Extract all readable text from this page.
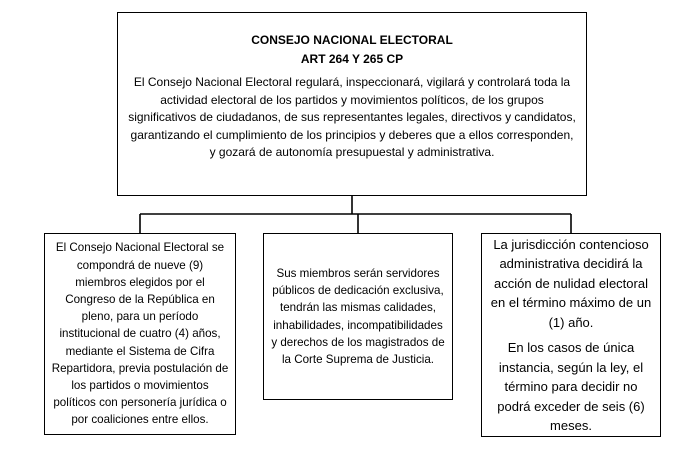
CONSEJO NACIONAL ELECTORAL
ART 264 Y 265 CP

El Consejo Nacional Electoral regulará, inspeccionará, vigilará y controlará toda la actividad electoral de los partidos y movimientos políticos, de los grupos significativos de ciudadanos, de sus representantes legales, directivos y candidatos, garantizando el cumplimiento de los principios y deberes que a ellos corresponden, y gozará de autonomía presupuestal y administrativa.

El Consejo Nacional Electoral se compondrá de nueve (9) miembros elegidos por el Congreso de la República en pleno, para un período institucional de cuatro (4) años, mediante el Sistema de Cifra Repartidora, previa postulación de los partidos o movimientos políticos con personería jurídica o por coaliciones entre ellos.

Sus miembros serán servidores públicos de dedicación exclusiva, tendrán las mismas calidades, inhabilidades, incompatibilidades y derechos de los magistrados de la Corte Suprema de Justicia.

La jurisdicción contencioso administrativa decidirá la acción de nulidad electoral en el término máximo de un (1) año.

En los casos de única instancia, según la ley, el término para decidir no podrá exceder de seis (6) meses.
